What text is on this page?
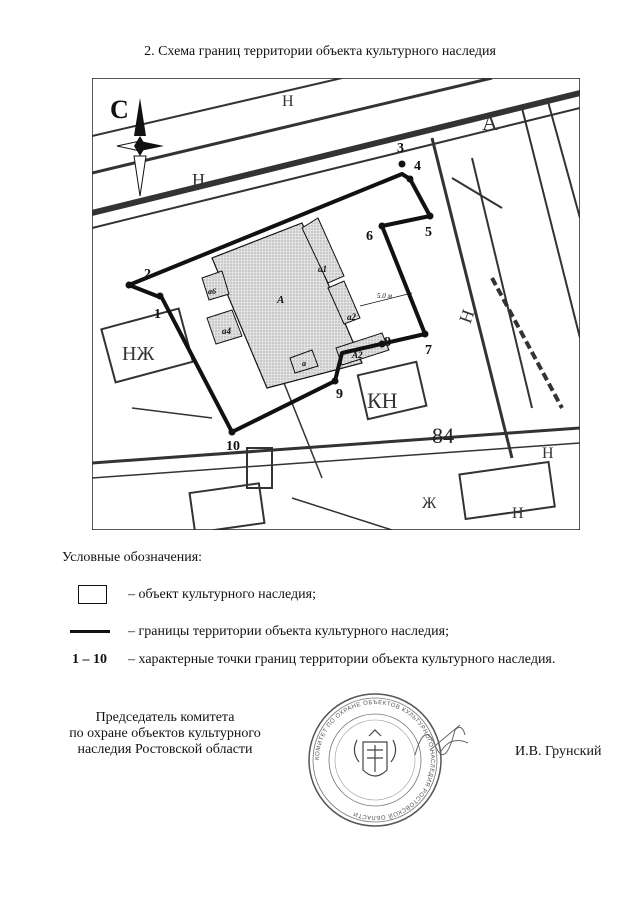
2. Схема границ территории объекта культурного наследия
А
Н
Н
НЖ
КН
Н
Ж
Н
Н
84
С
А
а1
а2
а4
а6
а
А2
5.0 м
1
2
3
4
5
6
7
8
9
10
Условные обозначения:
– объект культурного наследия;
– границы территории объекта культурного наследия;
1 – 10 – характерные точки границ территории объекта культурного наследия.
Председатель комитета
по охране объектов культурного
наследия Ростовской области
КОМИТЕТ ПО ОХРАНЕ ОБЪЕКТОВ КУЛЬТУРНОГО НАСЛЕДИЯ РОСТОВСКОЙ ОБЛАСТИ
И.В. Грунский
